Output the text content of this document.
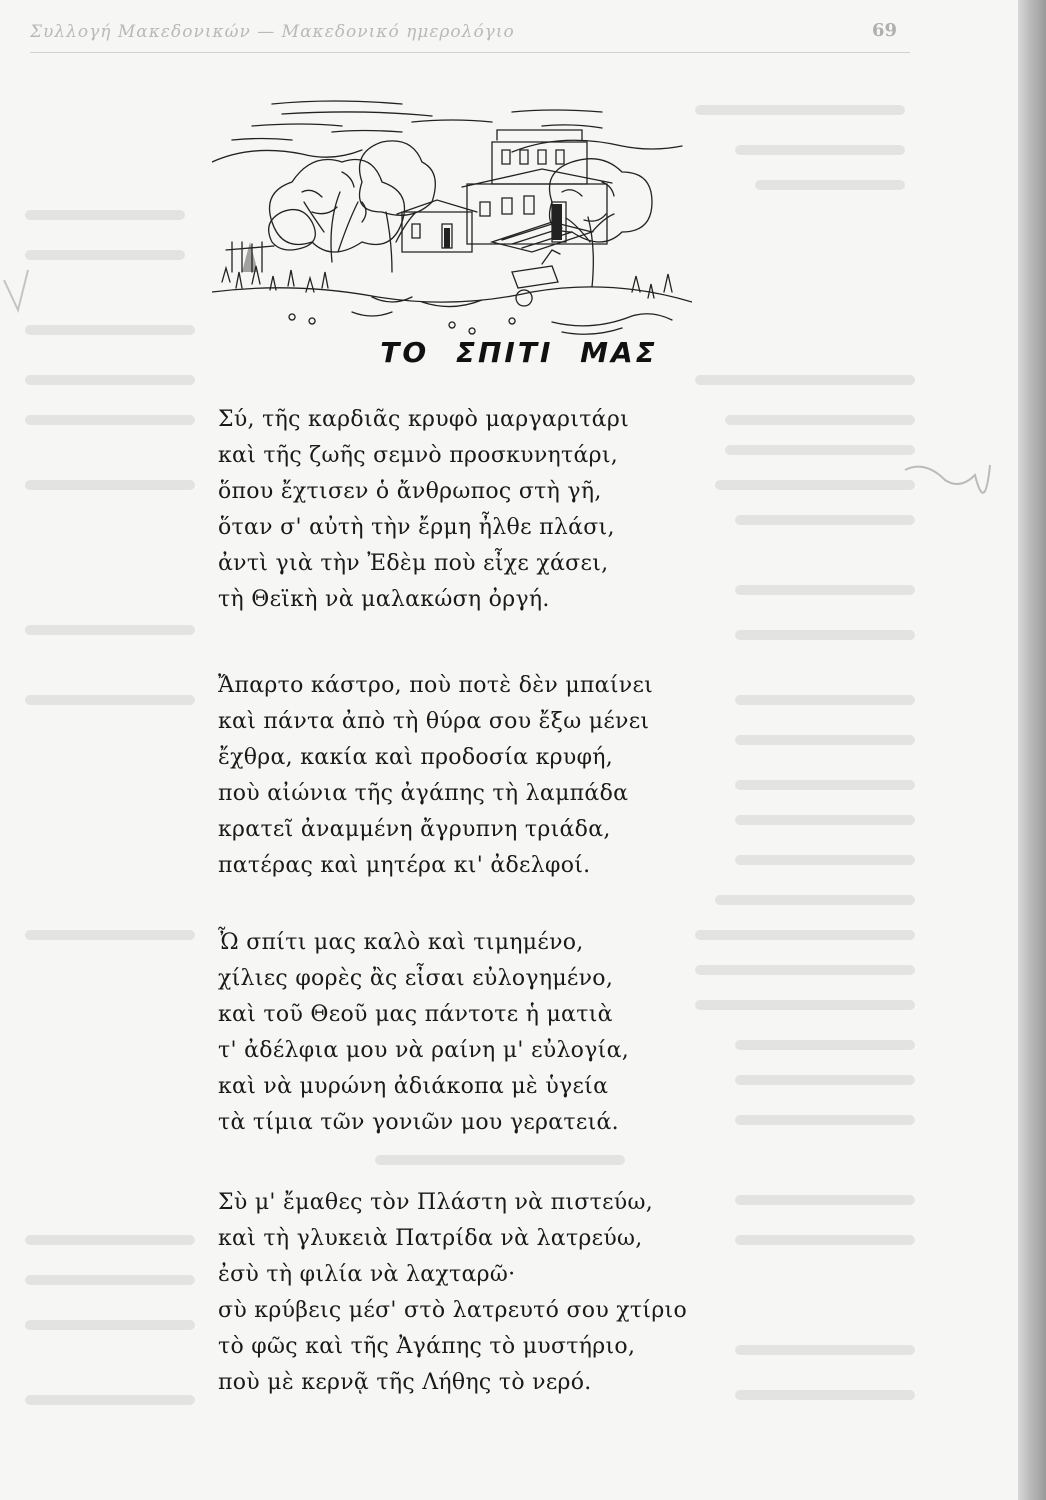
Συλλογή Μακεδονικών — Μακεδονικό ημερολόγιο	69
ΤΟ ΣΠΙΤΙ ΜΑΣ
Σύ, τῆς καρδιᾶς κρυφὸ μαργαριτάρι
καὶ τῆς ζωῆς σεμνὸ προσκυνητάρι,
ὅπου ἔχτισεν ὁ ἄνθρωπος στὴ γῆ,
ὅταν σ' αὐτὴ τὴν ἔρμη ἦλθε πλάσι,
ἀντὶ γιὰ τὴν Ἐδὲμ ποὺ εἶχε χάσει,
τὴ Θεϊκὴ νὰ μαλακώση ὀργή.
Ἄπαρτο κάστρο, ποὺ ποτὲ δὲν μπαίνει
καὶ πάντα ἀπὸ τὴ θύρα σου ἔξω μένει
ἔχθρα, κακία καὶ προδοσία κρυφή,
ποὺ αἰώνια τῆς ἀγάπης τὴ λαμπάδα
κρατεῖ ἀναμμένη ἄγρυπνη τριάδα,
πατέρας καὶ μητέρα κι' ἀδελφοί.
Ὦ σπίτι μας καλὸ καὶ τιμημένο,
χίλιες φορὲς ἂς εἶσαι εὐλογημένο,
καὶ τοῦ Θεοῦ μας πάντοτε ἡ ματιὰ
τ' ἀδέλφια μου νὰ ραίνη μ' εὐλογία,
καὶ νὰ μυρώνη ἀδιάκοπα μὲ ὑγεία
τὰ τίμια τῶν γονιῶν μου γερατειά.
Σὺ μ' ἔμαθες τὸν Πλάστη νὰ πιστεύω,
καὶ τὴ γλυκειὰ Πατρίδα νὰ λατρεύω,
ἐσὺ τὴ φιλία νὰ λαχταρῶ·
σὺ κρύβεις μέσ' στὸ λατρευτό σου χτίριο
τὸ φῶς καὶ τῆς Ἀγάπης τὸ μυστήριο,
ποὺ μὲ κερνᾷ τῆς Λήθης τὸ νερό.
